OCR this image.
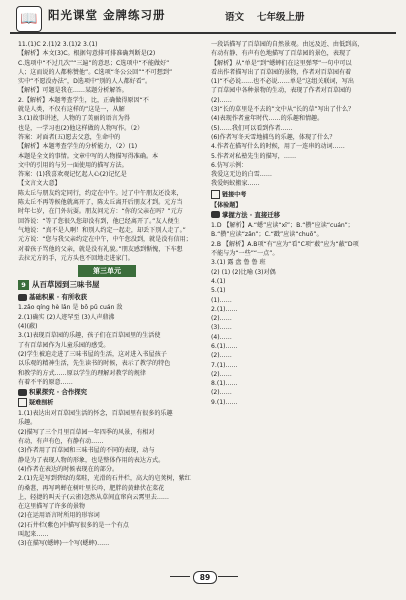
📖 阳光课堂 金牌练习册	语文 七年级上册

11.(1)C 2.(1)2 3.(1)2 3.(1)

【解析】本文(3)C。根据句意排可排准确判断是(2)

C.选项中“不过几次”“三遍”的意思；C选项中“不能做好”

人；这而说的人都称赞他”。C选项“冬公公回”“不可想到”

实中“不愿没办法”，D选项中“别的人人都好看”。

【解析】可题是我在……某题分析解答。

2.【解析】本题考查学生，比，正确做得原因“不

就是人类，不仅有这样的”这是一，从解

3.(1)故事讲述，人物的了美丽的语言为得

也是，一学习也(2)他这样做的人物写作。（2）

答案：对面者(五)愿去父意，生命中的

【解析】本题考查学生的分析能力，（2）(1)

本题是全文的事情。文章中写的人物描写得准确。本

文中的引用的与另一面使用的描写方法。

答案：(1)我喜欢观记忆起人心(2)记忆是

【文言文大意】

陈太丘与朋友约定同行，约定在中午。过了中午朋友还没来，

陈太丘不再等候他就离开了，陈太丘离开后朋友才到。元方当

时年七岁，在门外玩耍。朋友问元方：“你的父亲在吗？”元方

回答说：“等了您很久您却没有到，他已经离开了。”友人便生

气地说：“真不是人啊！和别人约定一起走，却丢下别人走了。”

元方说：“您与我父亲约定在中午，中午您没到，就是没有信用；

对着孩子骂他的父亲，就是没有礼貌。”朋友感到惭愧，下车想

去拉元方的手，元方头也不回地走进家门。

第三单元
9 从百草园到三味书屋
基础积累 · 有所收获

1.zǎo qíng hè lǎn 是 bō pǔ cuán 敌

2.(1)确实 (2)人迹罕至 (3)人声鼎沸

(4)(蔽)

3.(1)表现百草园的乐趣，孩子们在百草园里的生活使

了有百草园作为儿童乐园的感受。

(2)学生被迫走进了三味书屋的生活，这对进入书屋孩子

以乐观的精神生活，先生读书的时候，表示了教学的特色

和教学的方式……原以学生的理解对教学的规律

有着不平的原意……

积累探究 · 合作探究
疑难剖析

1.(1)表达出对百草园生活的怀念，百草园里有很多的乐趣

乐趣。

(2)描写了三个月里百草园一年四季的风景，有相对

有动，有声有色，有静有动……

(3)作者用了百草园和三味书屋的不同的表现，动与

静是为了表现人物的形象，也是整体作用的表达方式。

(4)作者在表达的时候表现在的部分。

2.(1)先是写到碧绿的菜畦，光滑的石井栏，高大的皂荚树，紫红

的桑葚，再写鸣蝉在树叶里长吟，肥胖的黄蜂伏在菜花

上，轻捷的叫天子(云雀)忽然从草间直窜向云霄里去……

在这里描写了许多的景物

(2)在运用语言时所用的形容词

(2)石井栏(紫色)中描写很多的是一个有点

叫起来……

(3)在描写(蟋蟀)一个写(蟋蟀)……

一段话描写了百草园的自然景观。由远及近、由低到高，

有动有静、有声有色地描写了百草园的景色，表现了

【解析】从“单是”到“蟋蟀们在这里弹琴”一句中可以

看出作者描写出了百草园的景物，作者对百草园有着

(1)“不必说……也不必说……单是”这组关联词，写出

了百草园中各种景物的生动，表现了作者对百草园的

(2)……

(3)“长的草里是不去的”文中从“长的草”写出了什么？

(4)表现作者童年时代……的乐趣和情趣。

(5)……我们可以看到作者……

(6)作者写冬天雪地捕鸟的乐趣，体现了什么？

4.作者在描写什么的时候，用了一连串的动词……

5.作者对私塾先生的描写，……

6.仿写示例：

我爱这无边的白雪……

我爱蚂蚁搬家……

链接中考

【体验题】

掌握方法 · 直接迁移

1.D 【解析】A.“蟋”应读“xī”；B.“攒”应读“cuán”；

B.“攒”应读“zǎn”；C.“戳”应读“chuō”。

2.B 【解析】A.B项“有”应为“看”C项“薮”应为“蔽”D项

不能与为“一些”“一点”。

3.(1) 露 盘 鲁 鲁 班

(2) (1) (2)比喻 (3)对偶

4.(1)

5.(1)

(1)……

2.(1)……

(2)……

(3)……

(4)……

6.(1)……

(2)……

7.(1)……

(2)……

8.(1)……

(2)……

9.(1)……

89
